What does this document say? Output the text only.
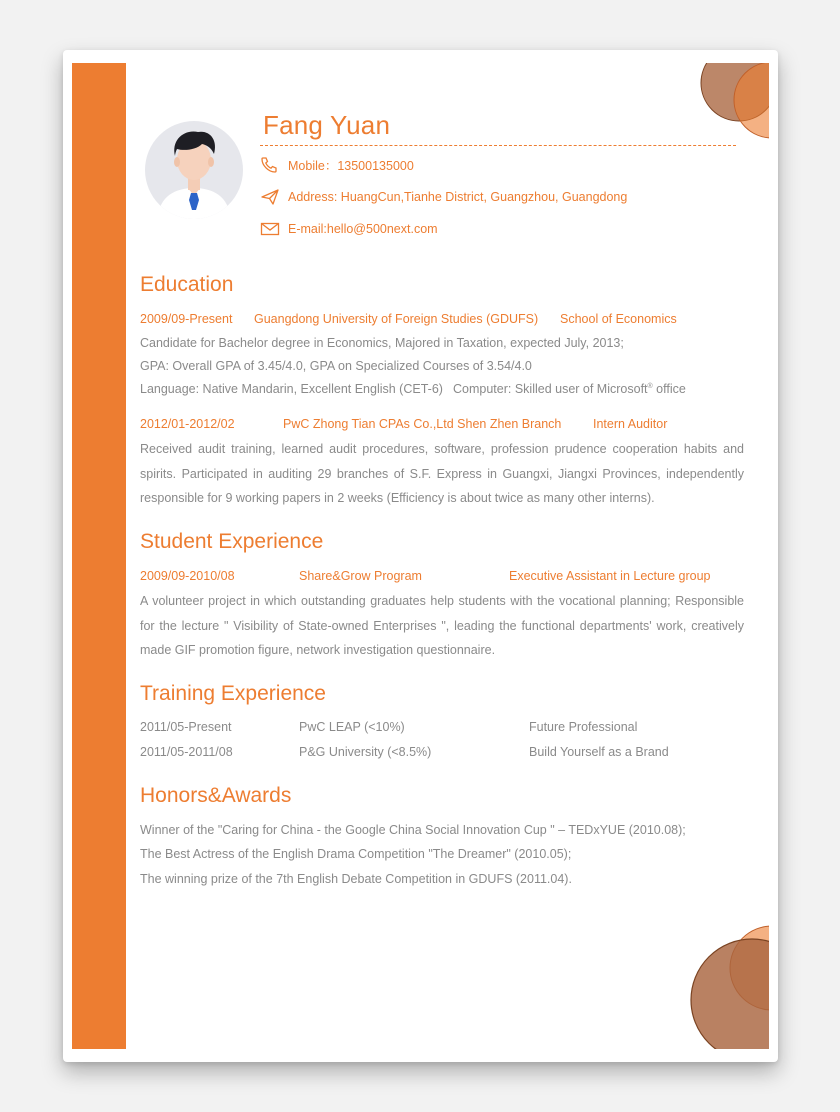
Fang Yuan
Mobile：13500135000
Address: HuangCun,Tianhe District, Guangzhou, Guangdong
E-mail:hello@500next.com
Education
2009/09-Present Guangdong University of Foreign Studies (GDUFS) School of Economics
Candidate for Bachelor degree in Economics, Majored in Taxation, expected July, 2013;
GPA: Overall GPA of 3.45/4.0, GPA on Specialized Courses of 3.54/4.0
Language: Native Mandarin, Excellent English (CET-6) Computer: Skilled user of Microsoft® office
2012/01-2012/02	PwC Zhong Tian CPAs Co.,Ltd Shen Zhen Branch	Intern Auditor
Received audit training, learned audit procedures, software, profession prudence cooperation habits and spirits. Participated in auditing 29 branches of S.F. Express in Guangxi, Jiangxi Provinces, independently responsible for 9 working papers in 2 weeks (Efficiency is about twice as many other interns).
Student Experience
2009/09-2010/08	Share&Grow Program	Executive Assistant in Lecture group
A volunteer project in which outstanding graduates help students with the vocational planning; Responsible for the lecture " Visibility of State-owned Enterprises ", leading the functional departments' work, creatively made GIF promotion figure, network investigation questionnaire.
Training Experience
2011/05-Present	PwC LEAP (<10%)	Future Professional
2011/05-2011/08	P&G University (<8.5%)	Build Yourself as a Brand
Honors&Awards
Winner of the "Caring for China - the Google China Social Innovation Cup " – TEDxYUE (2010.08);
The Best Actress of the English Drama Competition "The Dreamer" (2010.05);
The winning prize of the 7th English Debate Competition in GDUFS (2011.04).
